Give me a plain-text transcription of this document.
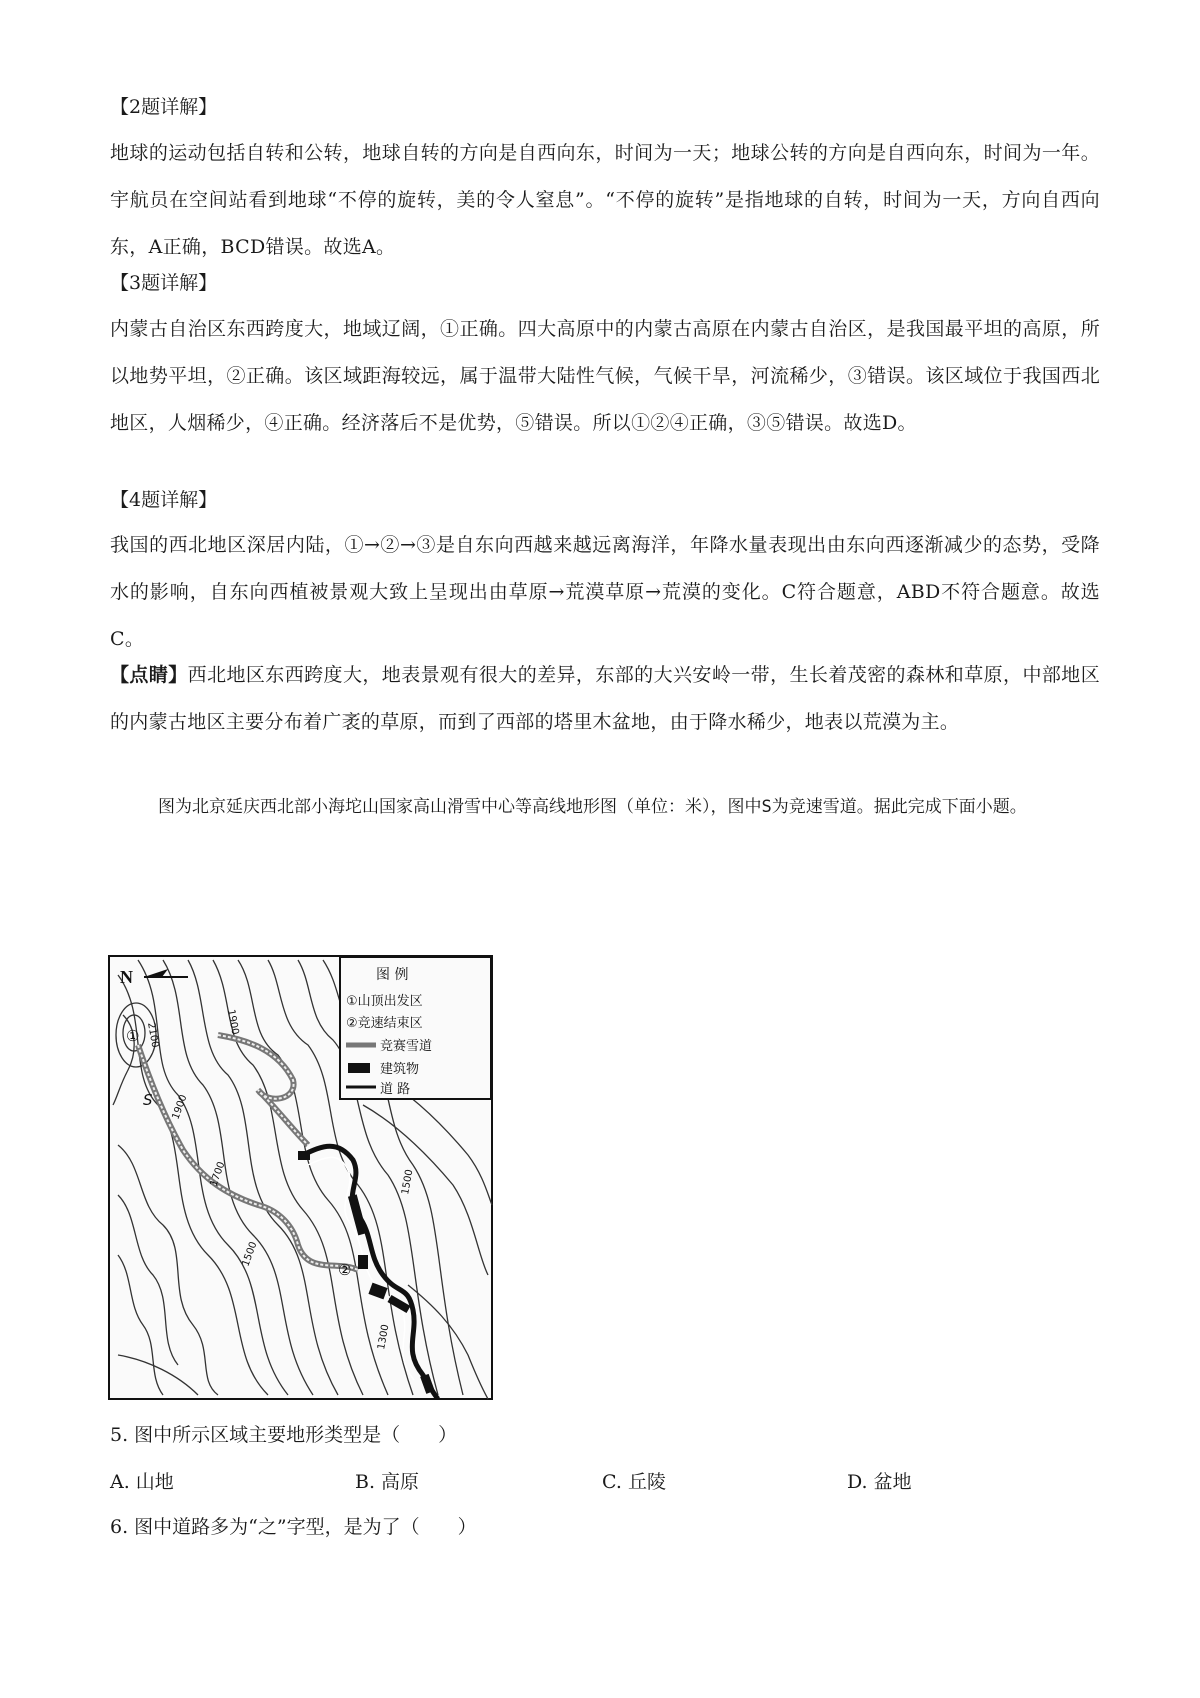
【2题详解】

地球的运动包括自转和公转，地球自转的方向是自西向东，时间为一天；地球公转的方向是自西向东，时间为一年。宇航员在空间站看到地球“不停的旋转，美的令人窒息”。“不停的旋转”是指地球的自转，时间为一天，方向自西向东，A正确，BCD错误。故选A。

【3题详解】

内蒙古自治区东西跨度大，地域辽阔，①正确。四大高原中的内蒙古高原在内蒙古自治区，是我国最平坦的高原，所以地势平坦，②正确。该区域距海较远，属于温带大陆性气候，气候干旱，河流稀少，③错误。该区域位于我国西北地区，人烟稀少，④正确。经济落后不是优势，⑤错误。所以①②④正确，③⑤错误。故选D。

【4题详解】

我国的西北地区深居内陆，①→②→③是自东向西越来越远离海洋，年降水量表现出由东向西逐渐减少的态势，受降水的影响，自东向西植被景观大致上呈现出由草原→荒漠草原→荒漠的变化。C符合题意，ABD不符合题意。故选C。

【点睛】西北地区东西跨度大，地表景观有很大的差异，东部的大兴安岭一带，生长着茂密的森林和草原，中部地区的内蒙古地区主要分布着广袤的草原，而到了西部的塔里木盆地，由于降水稀少，地表以荒漠为主。

图为北京延庆西北部小海坨山国家高山滑雪中心等高线地形图（单位：米），图中S为竞速雪道。据此完成下面小题。

N	图 例
①山顶出发区
②竞速结束区
竞赛雪道
建筑物
道 路
①
②
S
1900
2100
1900
1700
1500
1500
1300
5. 图中所示区域主要地形类型是（　　）
A. 山地	B. 高原	C. 丘陵	D. 盆地
6. 图中道路多为“之”字型，是为了（　　）
